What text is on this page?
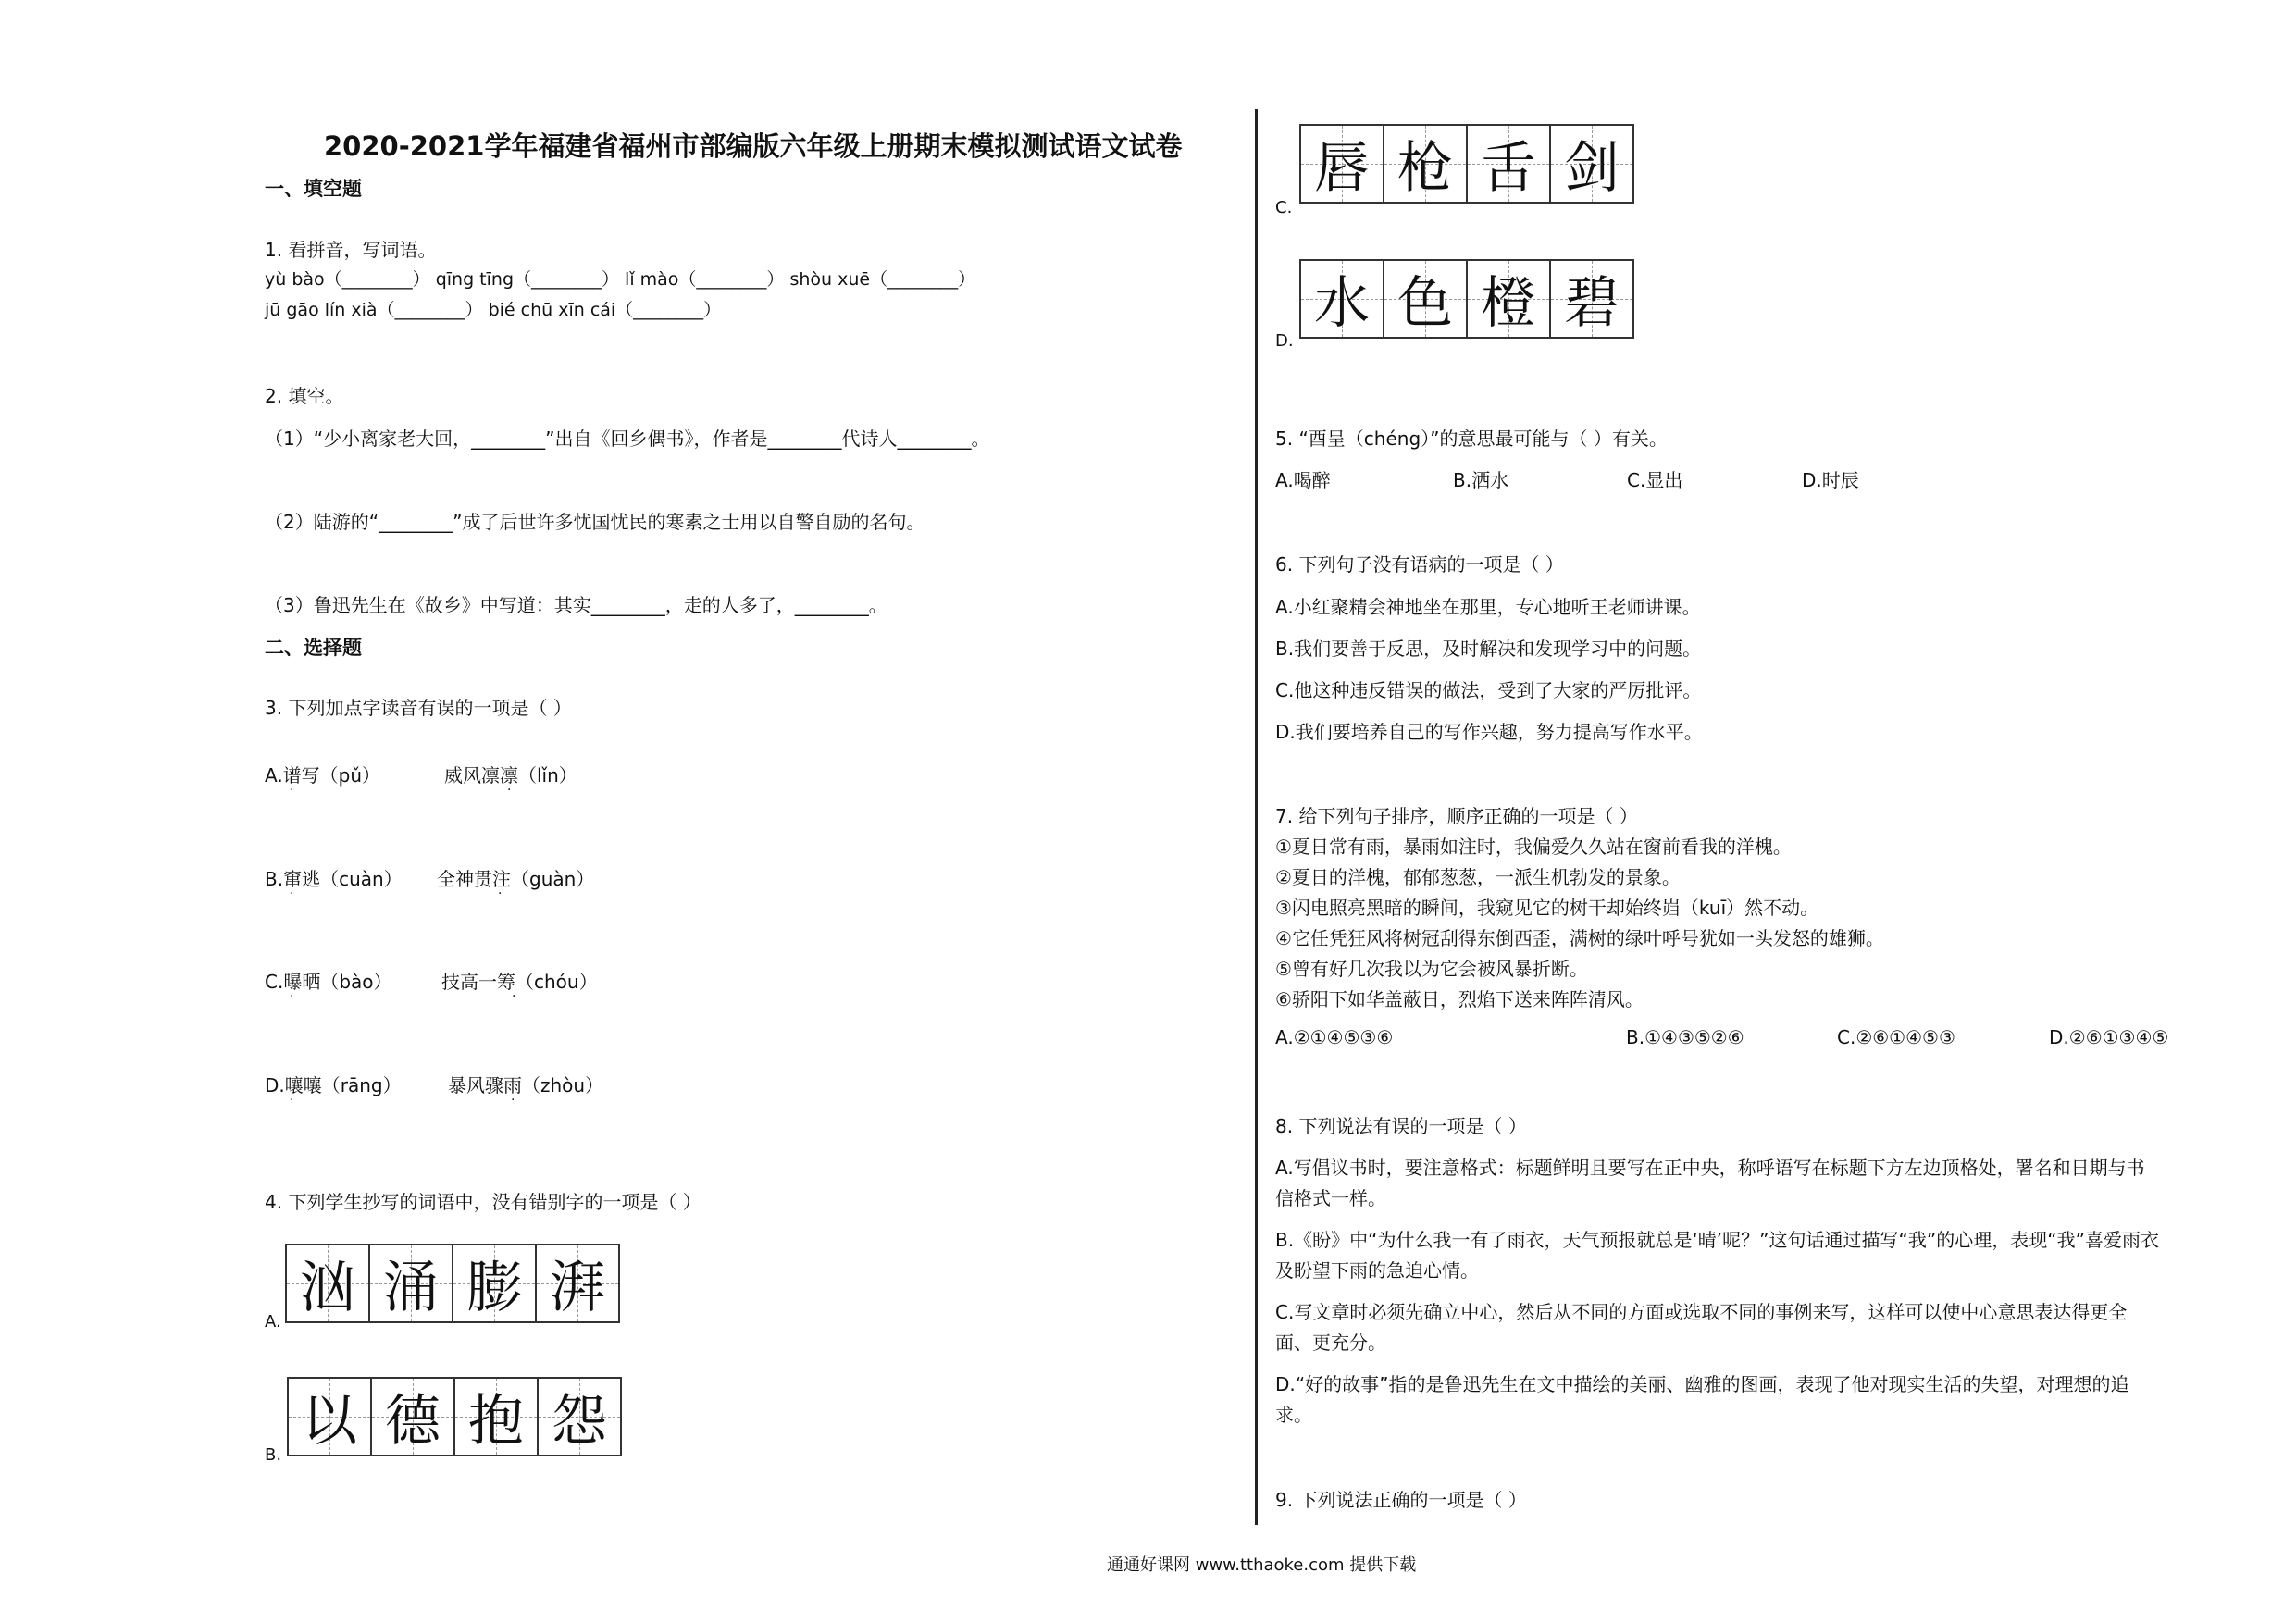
2020-2021学年福建省福州市部编版六年级上册期末模拟测试语文试卷
一、填空题
1. 看拼音，写词语。
yù bào（________） qīng tīng（________） lǐ mào（________） shòu xuē（________）
jū gāo lín xià（________） bié chū xīn cái（________）
2. 填空。
（1）“少小离家老大回，________”出自《回乡偶书》，作者是________代诗人________。
（2）陆游的“________”成了后世许多忧国忧民的寒素之士用以自警自励的名句。
（3）鲁迅先生在《故乡》中写道：其实________，走的人多了，________。
二、选择题
3. 下列加点字读音有误的一项是（ ）
A.谱写（pǔ）	威风凛凛（lǐn）
·	·
B.窜逃（cuàn） 全神贯注（guàn）
·	·
C.曝晒（bào）	技高一筹（chóu）
·	·
D.嚷嚷（rāng）	暴风骤雨（zhòu）
·	·
4. 下列学生抄写的词语中，没有错别字的一项是（ ）
汹 涌 膨 湃
A.
以 德 抱 怨
B.
唇 枪 舌 剑
C.
水 色 橙 碧
D.
5. “酉呈（chéng）”的意思最可能与（ ）有关。
A.喝醉	B.洒水	C.显出	D.时辰
6. 下列句子没有语病的一项是（ ）
A.小红聚精会神地坐在那里，专心地听王老师讲课。
B.我们要善于反思，及时解决和发现学习中的问题。
C.他这种违反错误的做法，受到了大家的严厉批评。
D.我们要培养自己的写作兴趣，努力提高写作水平。
7. 给下列句子排序，顺序正确的一项是（ ）
①夏日常有雨，暴雨如注时，我偏爱久久站在窗前看我的洋槐。
②夏日的洋槐，郁郁葱葱，一派生机勃发的景象。
③闪电照亮黑暗的瞬间，我窥见它的树干却始终岿（kuī）然不动。
④它任凭狂风将树冠刮得东倒西歪，满树的绿叶呼号犹如一头发怒的雄狮。
⑤曾有好几次我以为它会被风暴折断。
⑥骄阳下如华盖蔽日，烈焰下送来阵阵清风。
A.②①④⑤③⑥	B.①④③⑤②⑥	C.②⑥①④⑤③	D.②⑥①③④⑤
8. 下列说法有误的一项是（ ）
A.写倡议书时，要注意格式：标题鲜明且要写在正中央，称呼语写在标题下方左边顶格处，署名和日期与书
信格式一样。
B.《盼》中“为什么我一有了雨衣，天气预报就总是‘晴’呢？”这句话通过描写“我”的心理，表现“我”喜爱雨衣
及盼望下雨的急迫心情。
C.写文章时必须先确立中心，然后从不同的方面或选取不同的事例来写，这样可以使中心意思表达得更全
面、更充分。
D.“好的故事”指的是鲁迅先生在文中描绘的美丽、幽雅的图画，表现了他对现实生活的失望，对理想的追
求。
9. 下列说法正确的一项是（ ）
通通好课网 www.tthaoke.com 提供下载
